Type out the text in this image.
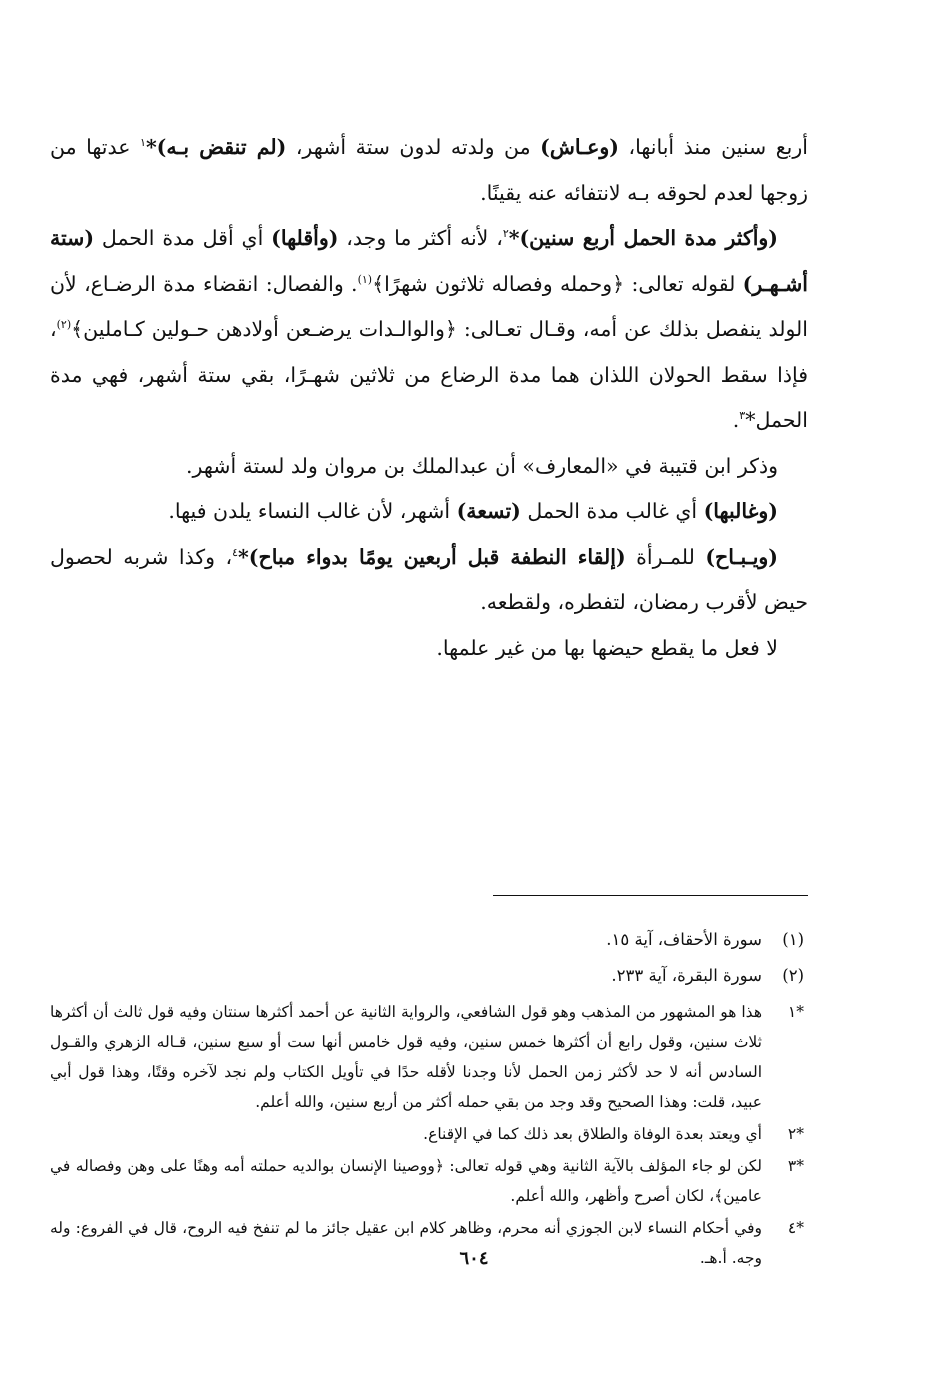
أربع سنين منذ أبانها، (وعـاش) من ولدته لدون ستة أشهر، (لم تنقض بـه)*$^١$ عدتها من زوجها لعدم لحوقه بـه لانتفائه عنه يقينًا.

(وأكثر مدة الحمل أربع سنين)*$^٢$، لأنه أكثر ما وجد، (وأقلها) أي أقل مدة الحمل (ستة أشـهـر) لقوله تعالى: ﴿وحمله وفصاله ثلاثون شهرًا﴾$^{(١)}$. والفصال: انقضاء مدة الرضـاع، لأن الولد ينفصل بذلك عن أمه، وقـال تعـالى: ﴿والوالـدات يرضـعن أولادهن حـولين كـاملين﴾$^{(٢)}$، فإذا سقط الحولان اللذان هما مدة الرضاع من ثلاثين شهـرًا، بقي ستة أشهر، فهي مدة الحمل*$^٣$.

وذكر ابن قتيبة في «المعارف» أن عبدالملك بن مروان ولد لستة أشهر.

(وغالبها) أي غالب مدة الحمل (تسعة) أشهر، لأن غالب النساء يلدن فيها.

(ويـبـاح) للمـرأة (إلقاء النطفة قبل أربعين يومًا بدواء مباح)*$^٤$، وكذا شربه لحصول حيض لأقرب رمضان، لتفطره، ولقطعه.

لا فعل ما يقطع حيضها بها من غير علمها.

(١)
سورة الأحقاف، آية ١٥.
(٢)
سورة البقرة، آية ٢٣٣.
*١
هذا هو المشهور من المذهب وهو قول الشافعي، والرواية الثانية عن أحمد أكثرها سنتان وفيه قول ثالث أن أكثرها ثلاث سنين، وقول رابع أن أكثرها خمس سنين، وفيه قول خامس أنها ست أو سبع سنين، قـاله الزهري والقـول السادس أنه لا حد لأكثر زمن الحمل لأنا وجدنا لأقله حدًا في تأويل الكتاب ولم نجد لآخره وقتًا، وهذا قول أبي عبيد، قلت: وهذا الصحيح وقد وجد من بقي حمله أكثر من أربع سنين، والله أعلم.
*٢
أي ويعتد بعدة الوفاة والطلاق بعد ذلك كما في الإقناع.
*٣
لكن لو جاء المؤلف بالآية الثانية وهي قوله تعالى: ﴿ووصينا الإنسان بوالديه حملته أمه وهنًا على وهن وفصاله في عامين﴾، لكان أصرح وأظهر، والله أعلم.
*٤
وفي أحكام النساء لابن الجوزي أنه محرم، وظاهر كلام ابن عقيل جائز ما لم تنفخ فيه الروح، قال في الفروع: وله وجه. أ.هـ.
٦٠٤
